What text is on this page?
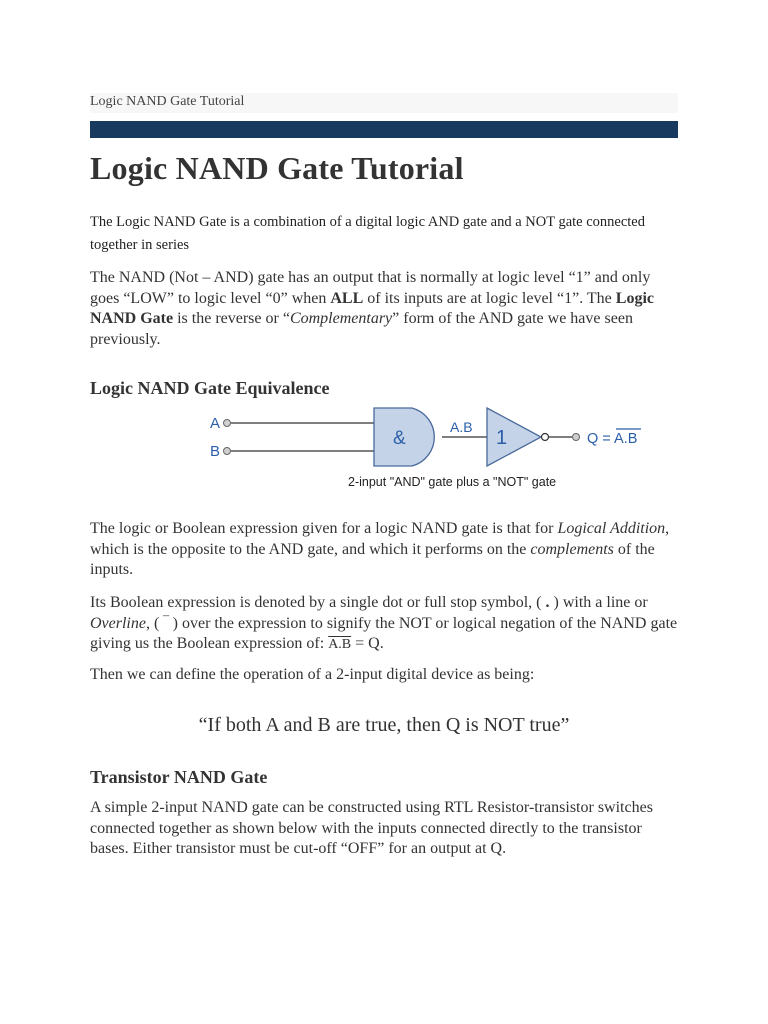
Logic NAND Gate Tutorial
Logic NAND Gate Tutorial

The Logic NAND Gate is a combination of a digital logic AND gate and a NOT gate connected together in series

The NAND (Not – AND) gate has an output that is normally at logic level “1” and only goes “LOW” to logic level “0” when ALL of its inputs are at logic level “1”. The Logic NAND Gate is the reverse or “Complementary” form of the AND gate we have seen previously.

Logic NAND Gate Equivalence
A
B
&
A.B 1	Q = A.B
2-input "AND" gate plus a "NOT" gate

The logic or Boolean expression given for a logic NAND gate is that for Logical Addition, which is the opposite to the AND gate, and which it performs on the complements of the inputs.

Its Boolean expression is denoted by a single dot or full stop symbol, ( . ) with a line or Overline, ( ‾ ) over the expression to signify the NOT or logical negation of the NAND gate giving us the Boolean expression of: A.B = Q.

Then we can define the operation of a 2-input digital device as being:

“If both A and B are true, then Q is NOT true”
Transistor NAND Gate

A simple 2-input NAND gate can be constructed using RTL Resistor-transistor switches connected together as shown below with the inputs connected directly to the transistor bases. Either transistor must be cut-off “OFF” for an output at Q.
